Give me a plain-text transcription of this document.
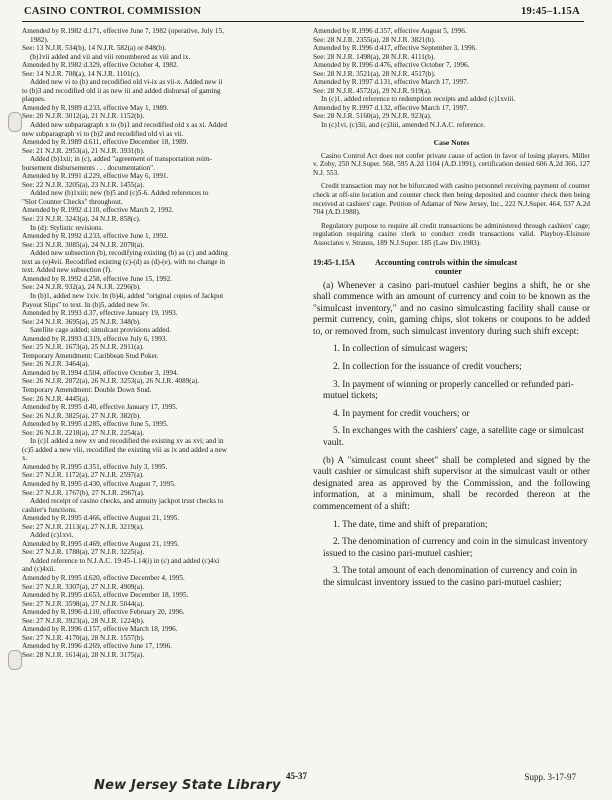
CASINO CONTROL COMMISSION	19:45–1.15A

Amended by R.1982 d.171, effective June 7, 1982 (operative, July 15,

1982).

See: 13 N.J.R. 534(b), 14 N.J.R. 582(a) or 848(b).

(b)1vii added and vii and viii renumbered as viii and ix.

Amended by R.1982 d.329, effective October 4, 1982.

See: 14 N.J.R. 708(a), 14 N.J.R. 1101(c).

Added new vi to (b) and recodified old vi-ix as vii-x. Added new ii

to (b)3 and recodified old ii as new iii and added disbursal of gaming

plaques.

Amended by R.1989 d.233, effective May 1, 1989.

See: 20 N.J.R. 3012(a), 21 N.J.R. 1152(b).

Added new subparagraph x to (b)1 and recodified old x as xi. Added

new subparagraph vi to (b)2 and recodified old vi as vii.

Amended by R.1989 d.611, effective December 18, 1989.

See: 21 N.J.R. 2953(a), 21 N.J.R. 3931(b).

Added (b)1xii; in (c), added "agreement of transportation reim-

bursement disbursements . . . documentation".

Amended by R.1991 d.229, effective May 6, 1991.

See: 22 N.J.R. 3205(a), 23 N.J.R. 1455(a).

Added new (b)1xiii; new (b)5 and (c)5-6. Added references to

"Slot Counter Checks" throughout.

Amended by R.1992 d.110, effective March 2, 1992.

See: 23 N.J.R. 3243(a), 24 N.J.R. 858(c).

In (d): Stylistic revisions.

Amended by R.1992 d.233, effective June 1, 1992.

See: 23 N.J.R. 3085(a), 24 N.J.R. 2078(a).

Added new subsection (b), recodifying existing (b) as (c) and adding

text as (e)4vii. Recodified existing (c)-(d) as (d)-(e), with no change in

text. Added new subsection (f).

Amended by R.1992 d.258, effective June 15, 1992.

See: 24 N.J.R. 932(a), 24 N.J.R. 2296(b).

In (b)1, added new 1xiv. In (b)4i, added "original copies of Jackpot

Payout Slips" to text. In (b)5, added new 5v.

Amended by R.1993 d.37, effective January 19, 1993.

See: 24 N.J.R. 3695(a), 25 N.J.R. 348(b).

Satellite cage added; simulcast provisions added.

Amended by R.1993 d.319, effective July 6, 1993.

See: 25 N.J.R. 1673(a), 25 N.J.R. 2911(a).

Temporary Amendment: Caribbean Stud Poker.

See: 26 N.J.R. 3464(a).

Amended by R.1994 d.504, effective October 3, 1994.

See: 26 N.J.R. 2872(a), 26 N.J.R. 3253(a), 26 N.J.R. 4089(a).

Temporary Amendment: Double Down Stud.

See: 26 N.J.R. 4445(a).

Amended by R.1995 d.40, effective January 17, 1995.

See: 26 N.J.R. 3825(a), 27 N.J.R. 382(b).

Amended by R.1995 d.285, effective June 5, 1995.

See: 26 N.J.R. 2218(a), 27 N.J.R. 2254(a).

In (c)1 added a new xv and recodified the existing xv as xvi; and in

(c)5 added a new viii, recodified the existing viii as ix and added a new

x.

Amended by R.1995 d.351, effective July 3, 1995.

See: 27 N.J.R. 1172(a), 27 N.J.R. 2597(a).

Amended by R.1995 d.430, effective August 7, 1995.

See: 27 N.J.R. 1767(b), 27 N.J.R. 2967(a).

Added receipt of casino checks, and annuity jackpot trust checks to

cashier's functions.

Amended by R.1995 d.466, effective August 21, 1995.

See: 27 N.J.R. 2113(a), 27 N.J.R. 3219(a).

Added (c)1xvi.

Amended by R.1995 d.469, effective August 21, 1995.

See: 27 N.J.R. 1788(a), 27 N.J.R. 3225(a).

Added reference to N.J.A.C. 19:45-1.14(i) in (c) and added (c)4xi

and (c)4xii.

Amended by R.1995 d.620, effective December 4, 1995.

See: 27 N.J.R. 3307(a), 27 N.J.R. 4909(a).

Amended by R.1995 d.653, effective December 18, 1995.

See: 27 N.J.R. 3598(a), 27 N.J.R. 5044(a).

Amended by R.1996 d.110, effective February 20, 1996.

See: 27 N.J.R. 3923(a), 28 N.J.R. 1224(b).

Amended by R.1996 d.157, effective March 18, 1996.

See: 27 N.J.R. 4170(a), 28 N.J.R. 1557(b).

Amended by R.1996 d.269, effective June 17, 1996.

See: 28 N.J.R. 1614(a), 28 N.J.R. 3175(a).

Amended by R.1996 d.357, effective August 5, 1996.

See: 28 N.J.R. 2355(a), 28 N.J.R. 3821(b).

Amended by R.1996 d.417, effective September 3, 1996.

See: 28 N.J.R. 1498(a), 28 N.J.R. 4111(b).

Amended by R.1996 d.476, effective October 7, 1996.

See: 28 N.J.R. 3521(a), 28 N.J.R. 4517(b).

Amended by R.1997 d.131, effective March 17, 1997.

See: 28 N.J.R. 4572(a), 29 N.J.R. 919(a).

In (c)1, added reference to redemption receipts and added (c)1xviii.

Amended by R.1997 d.132, effective March 17, 1997.

See: 28 N.J.R. 5160(a), 29 N.J.R. 923(a).

In (c)1vi, (c)3ii, and (c)3iii, amended N.J.A.C. reference.

Case Notes

Casino Control Act does not confer private cause of action in favor of losing players. Miller v. Zoby, 250 N.J.Super. 568, 595 A.2d 1104 (A.D.1991), certification denied 606 A.2d 366, 127 N.J. 553.

Credit transaction may not be bifurcated with casino personnel receiving payment of counter check at off-site location and counter check then being deposited and counter check then being received at cashiers' cage. Petition of Adamar of New Jersey, Inc., 222 N.J.Super. 464, 537 A.2d 704 (A.D.1988).

Regulatory purpose to require all credit transactions be administered through cashiers' cage; regulation requiring casino clerk to conduct credit transactions valid. Playboy-Elsinore Associates v. Strauss, 189 N.J.Super. 185 (Law Div.1983).

19:45-1.15A Accounting controls within the simulcast
counter

(a) Whenever a casino pari-mutuel cashier begins a shift, he or she shall commence with an amount of currency and coin to be known as the "simulcast inventory," and no casino simulcasting facility shall cause or permit currency, coin, gaming chips, slot tokens or coupons to be added to, or removed from, such simulcast inventory during such shift except:

1. In collection of simulcast wagers;

2. In collection for the issuance of credit vouchers;

3. In payment of winning or properly cancelled or refunded pari-mutuel tickets;

4. In payment for credit vouchers; or

5. In exchanges with the cashiers' cage, a satellite cage or simulcast vault.

(b) A "simulcast count sheet" shall be completed and signed by the vault cashier or simulcast shift supervisor at the simulcast vault or other designated area as approved by the Commission, and the following information, at a minimum, shall be recorded thereon at the commencement of a shift:

1. The date, time and shift of preparation;

2. The denomination of currency and coin in the simulcast inventory issued to the casino pari-mutuel cashier;

3. The total amount of each denomination of currency and coin in the simulcast inventory issued to the casino pari-mutuel cashier;

45-37	Supp. 3-17-97
New Jersey State Library
